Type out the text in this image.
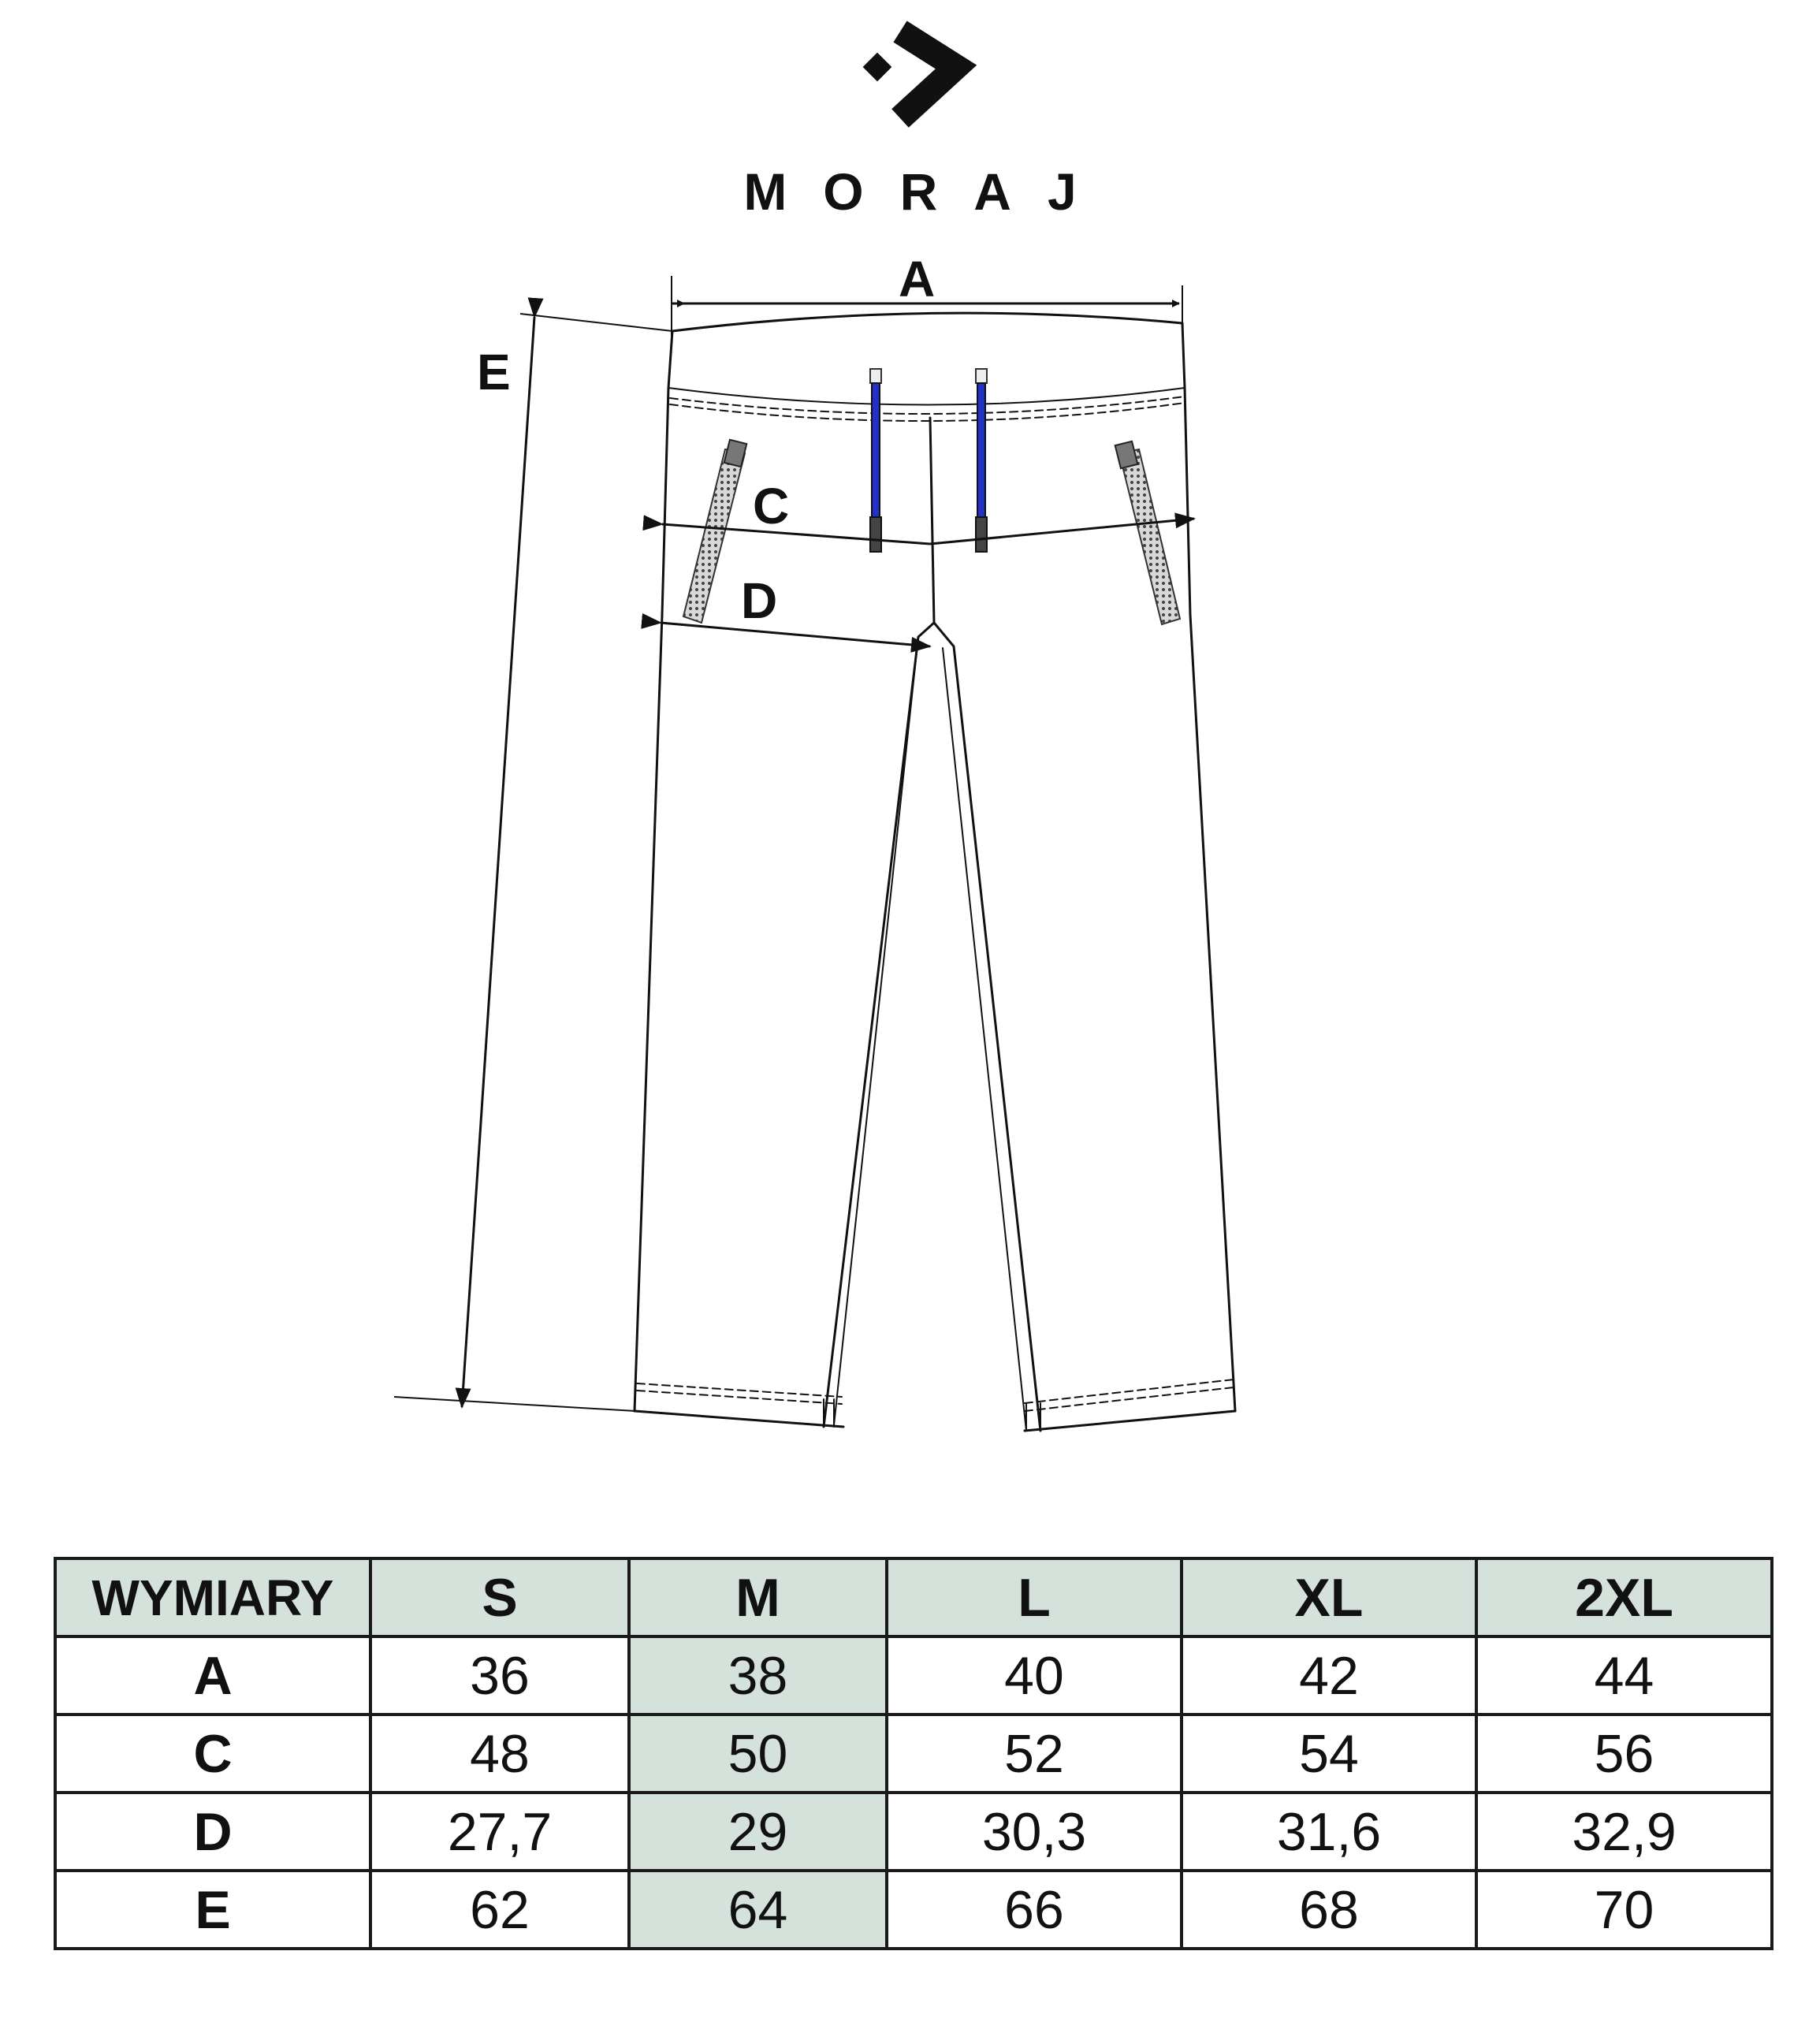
MORAJ
A
C
D
E
WYMIARY	S	M	L	XL	2XL
A	36	38	40	42	44
C	48	50	52	54	56
D	27,7	29	30,3	31,6	32,9
E	62	64	66	68	70
